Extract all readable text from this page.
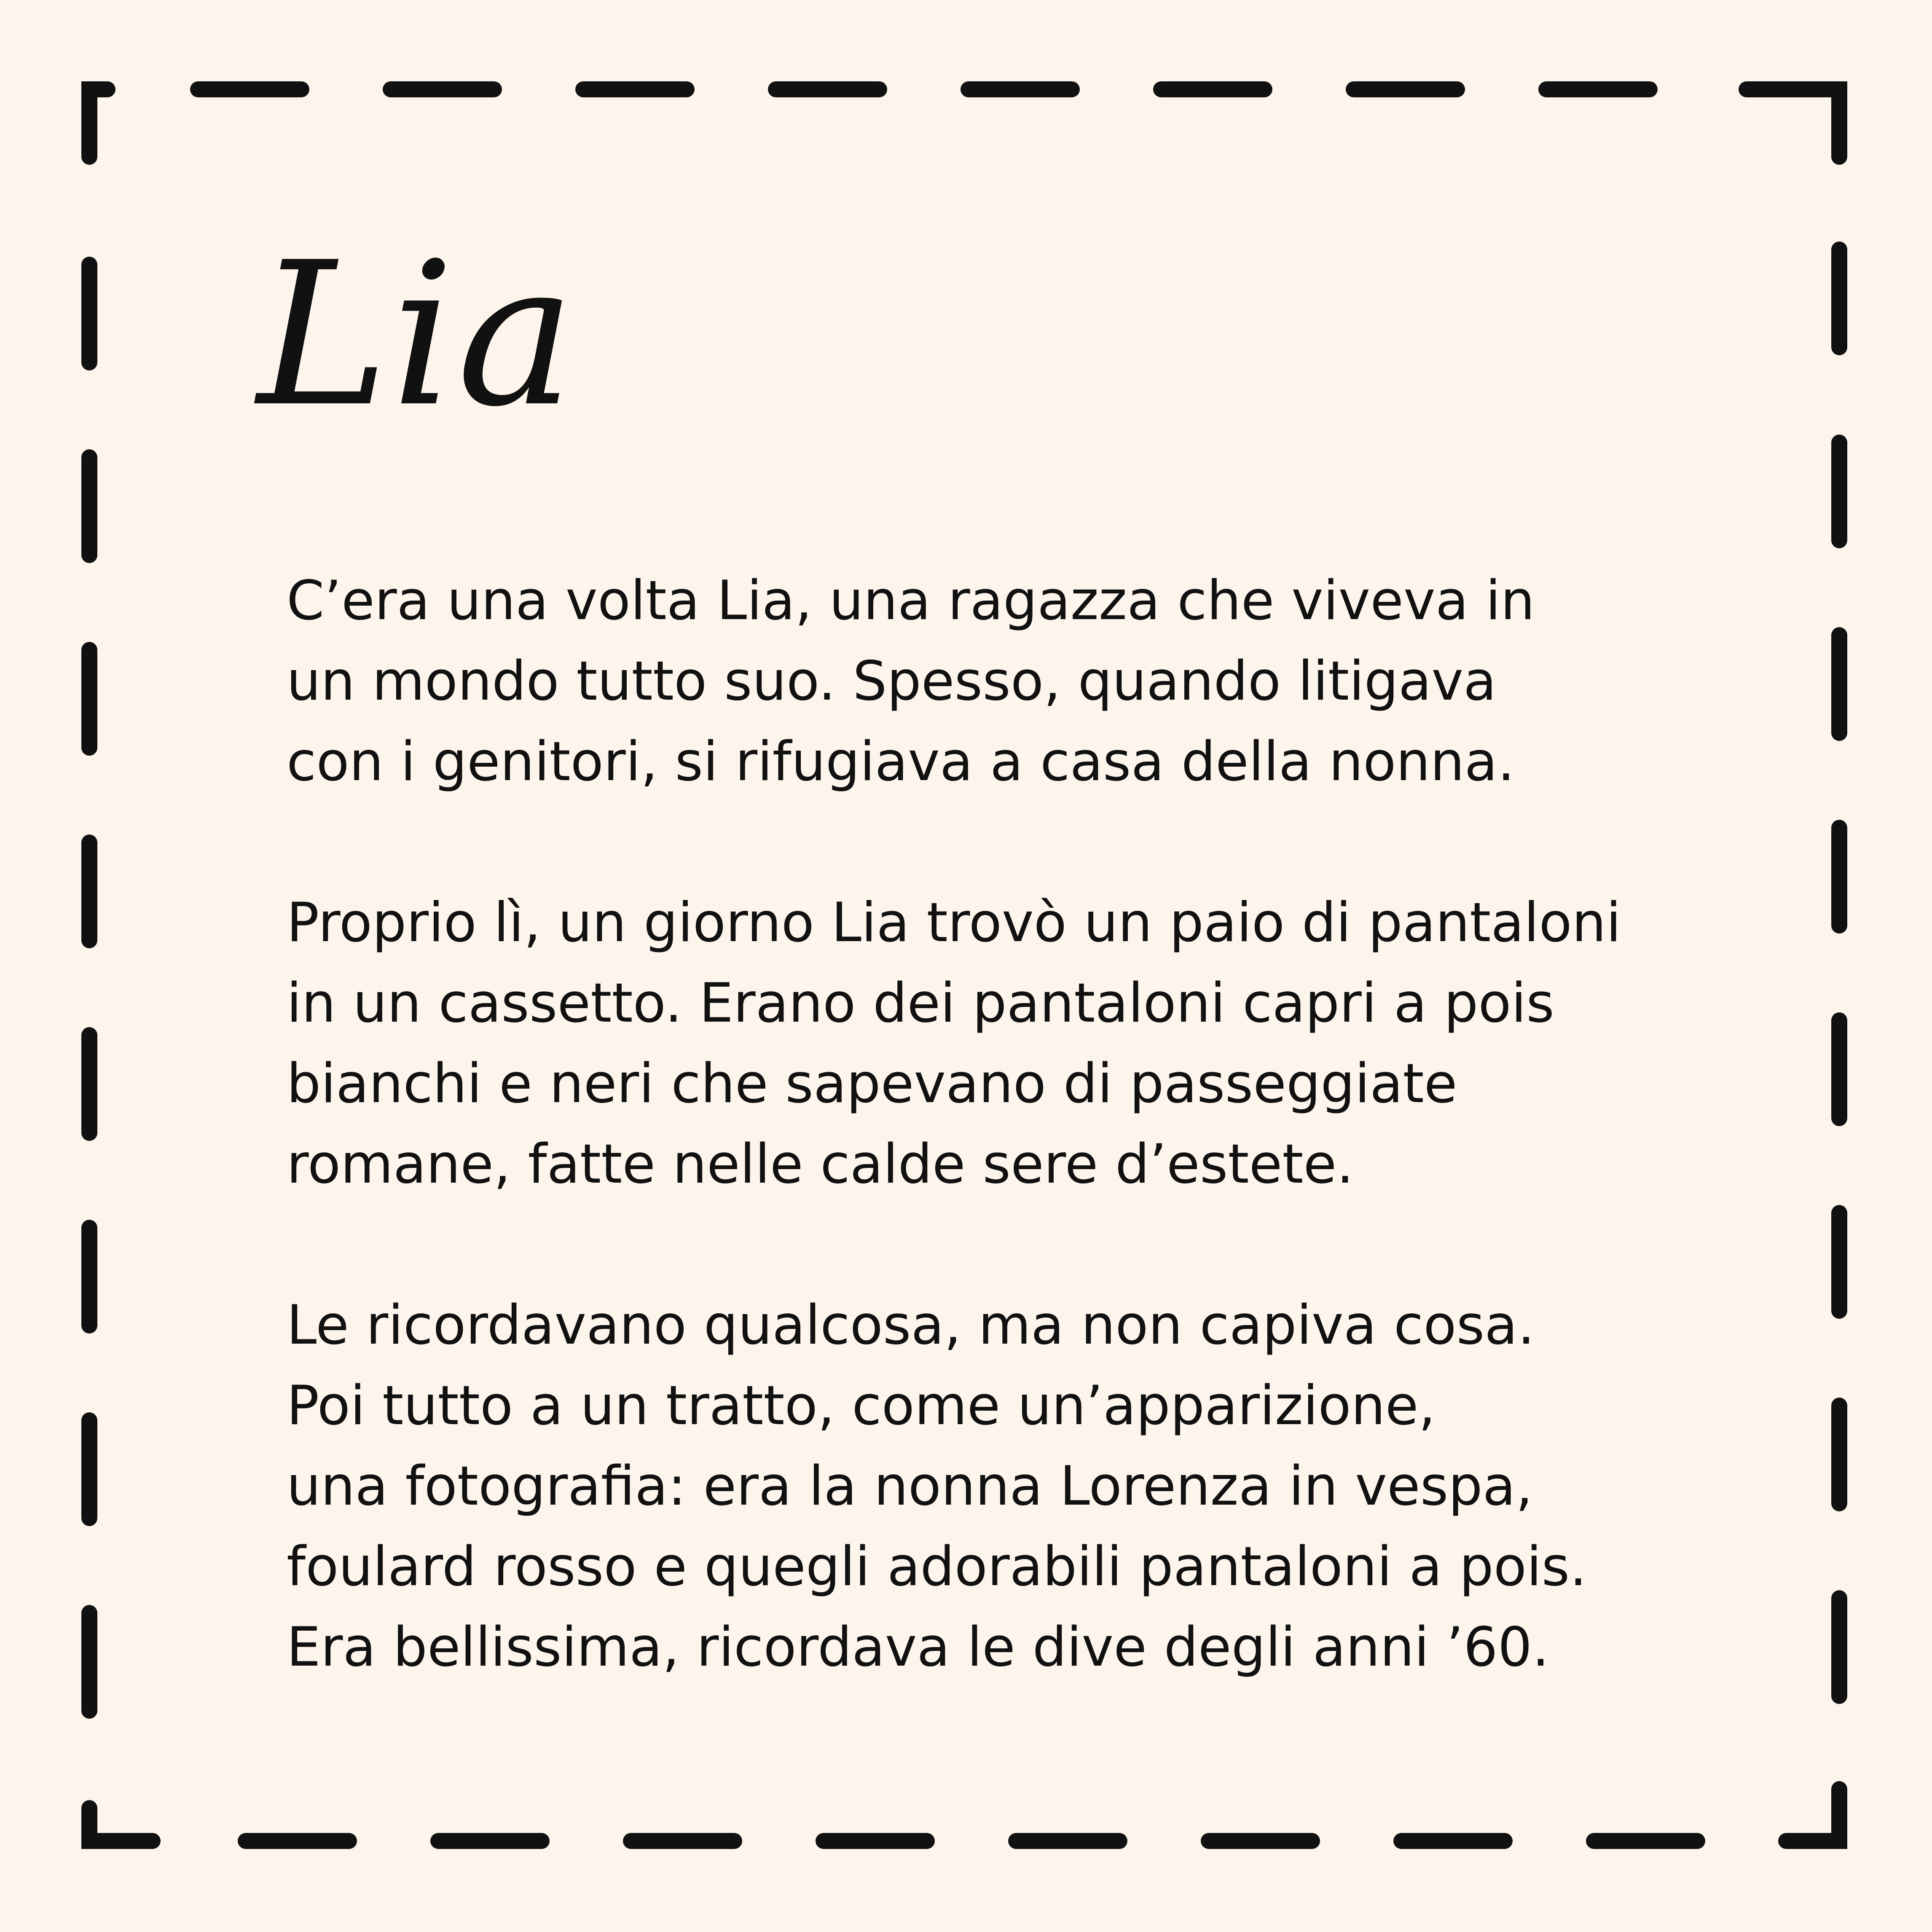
Lia

C’era una volta Lia, una ragazza che viveva in
un mondo tutto suo. Spesso, quando litigava
con i genitori, si rifugiava a casa della nonna.

Proprio lì, un giorno Lia trovò un paio di pantaloni
in un cassetto. Erano dei pantaloni capri a pois
bianchi e neri che sapevano di passeggiate
romane, fatte nelle calde sere d’estete.

Le ricordavano qualcosa, ma non capiva cosa.
Poi tutto a un tratto, come un’apparizione,
una fotografia: era la nonna Lorenza in vespa,
foulard rosso e quegli adorabili pantaloni a pois.
Era bellissima, ricordava le dive degli anni ’60.
